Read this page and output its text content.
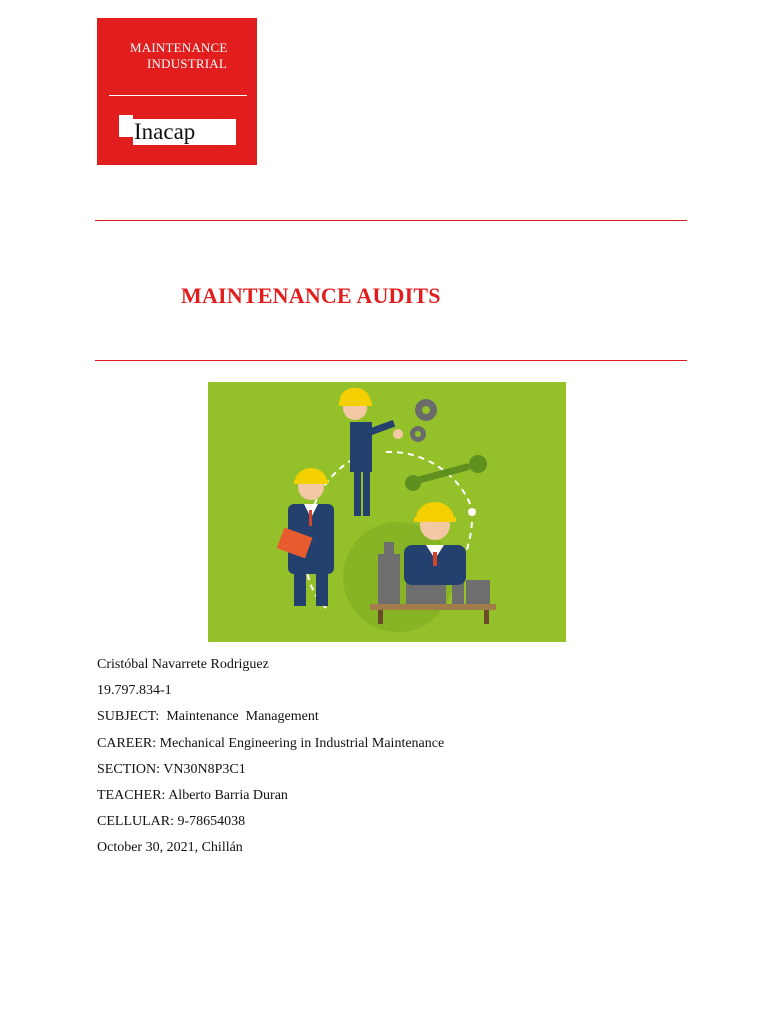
MAINTENANCE
INDUSTRIAL
Inacap
MAINTENANCE AUDITS
Cristóbal Navarrete Rodriguez
19.797.834-1
SUBJECT: Maintenance  Management
CAREER: Mechanical Engineering in Industrial Maintenance
SECTION: VN30N8P3C1
TEACHER: Alberto Barria Duran
CELLULAR: 9-78654038
October 30, 2021, Chillán
